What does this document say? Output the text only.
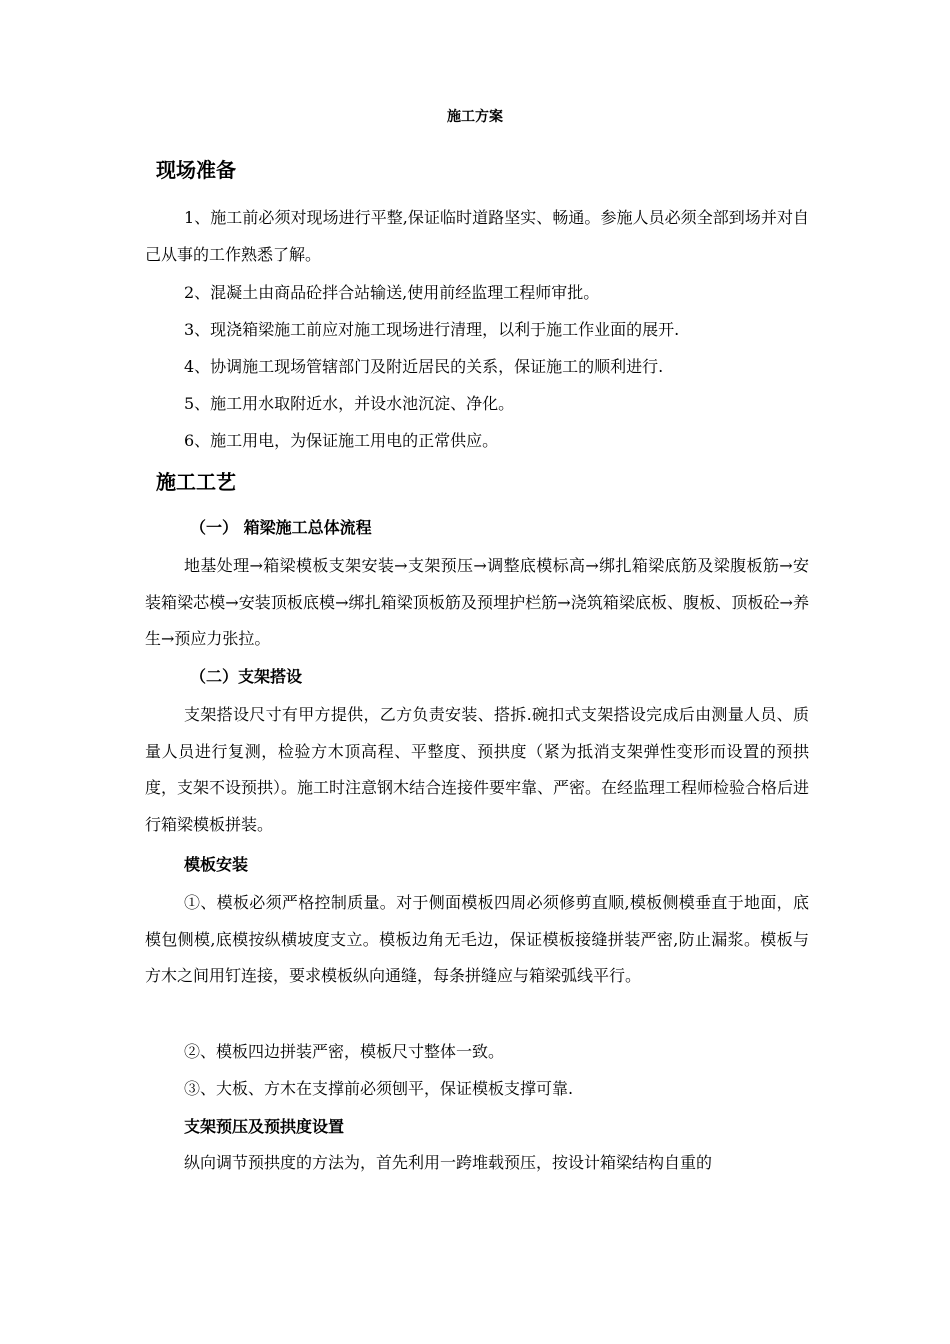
施工方案
现场准备
1、施工前必须对现场进行平整,保证临时道路坚实、畅通。参施人员必须全部到场并对自己从事的工作熟悉了解。
2、混凝土由商品砼拌合站输送,使用前经监理工程师审批。
3、现浇箱梁施工前应对施工现场进行清理，以利于施工作业面的展开.
4、协调施工现场管辖部门及附近居民的关系，保证施工的顺利进行.
5、施工用水取附近水，并设水池沉淀、净化。
6、施工用电，为保证施工用电的正常供应。
施工工艺
（一） 箱梁施工总体流程
地基处理→箱梁模板支架安装→支架预压→调整底模标高→绑扎箱梁底筋及梁腹板筋→安装箱梁芯模→安装顶板底模→绑扎箱梁顶板筋及预埋护栏筋→浇筑箱梁底板、腹板、顶板砼→养生→预应力张拉。
（二）支架搭设
支架搭设尺寸有甲方提供，乙方负责安装、搭拆.碗扣式支架搭设完成后由测量人员、质量人员进行复测，检验方木顶高程、平整度、预拱度（紧为抵消支架弹性变形而设置的预拱度，支架不设预拱）。施工时注意钢木结合连接件要牢靠、严密。在经监理工程师检验合格后进行箱梁模板拼装。
模板安装
①、模板必须严格控制质量。对于侧面模板四周必须修剪直顺,模板侧模垂直于地面，底模包侧模,底模按纵横坡度支立。模板边角无毛边，保证模板接缝拼装严密,防止漏浆。模板与方木之间用钉连接，要求模板纵向通缝，每条拼缝应与箱梁弧线平行。
②、模板四边拼装严密，模板尺寸整体一致。
③、大板、方木在支撑前必须刨平，保证模板支撑可靠.
支架预压及预拱度设置
纵向调节预拱度的方法为，首先利用一跨堆载预压，按设计箱梁结构自重的
